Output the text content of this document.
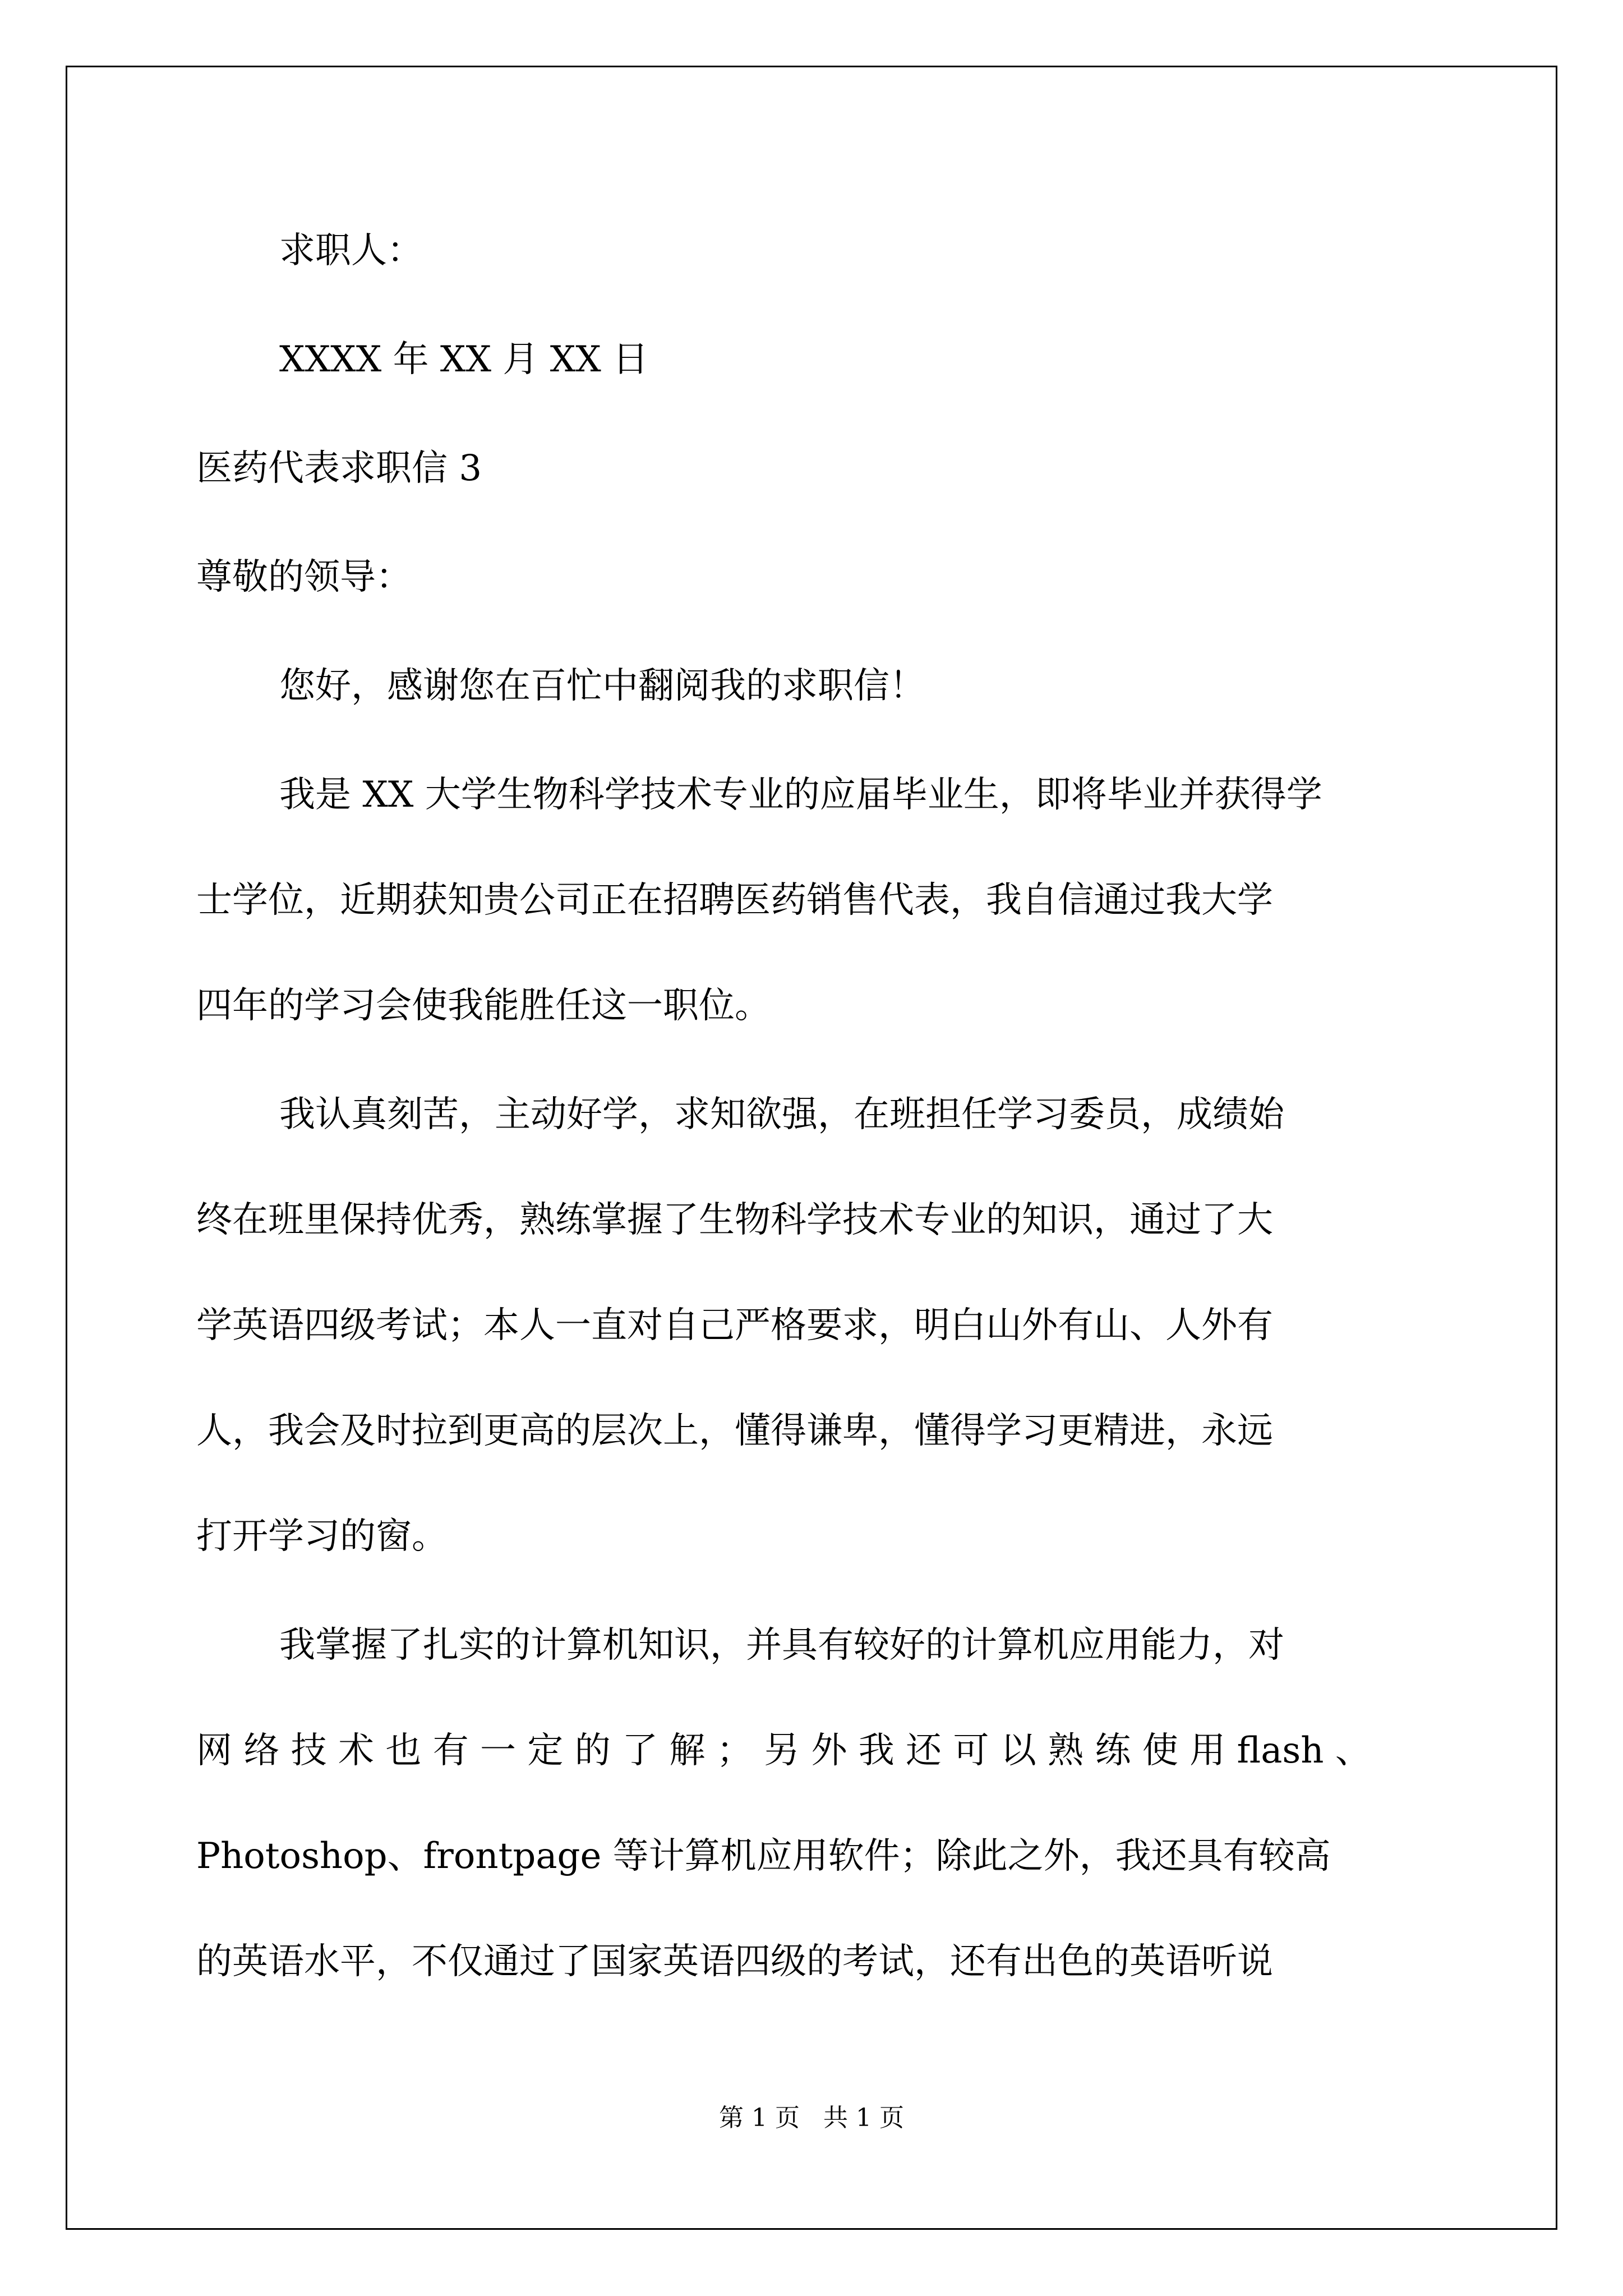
求职人：
XXXX 年 XX 月 XX 日
医药代表求职信 3
尊敬的领导：
您好，感谢您在百忙中翻阅我的求职信！
我是 XX 大学生物科学技术专业的应届毕业生，即将毕业并获得学
士学位，近期获知贵公司正在招聘医药销售代表，我自信通过我大学
四年的学习会使我能胜任这一职位。
我认真刻苦，主动好学，求知欲强，在班担任学习委员，成绩始
终在班里保持优秀，熟练掌握了生物科学技术专业的知识，通过了大
学英语四级考试；本人一直对自己严格要求，明白山外有山、人外有
人，我会及时拉到更高的层次上，懂得谦卑，懂得学习更精进，永远
打开学习的窗。
我掌握了扎实的计算机知识，并具有较好的计算机应用能力，对
网 络 技 术 也 有 一 定 的 了 解 ； 另 外 我 还 可 以 熟 练 使 用 flash 、
Photoshop、frontpage 等计算机应用软件；除此之外，我还具有较高
的英语水平，不仅通过了国家英语四级的考试，还有出色的英语听说
第 1 页 共 1 页
